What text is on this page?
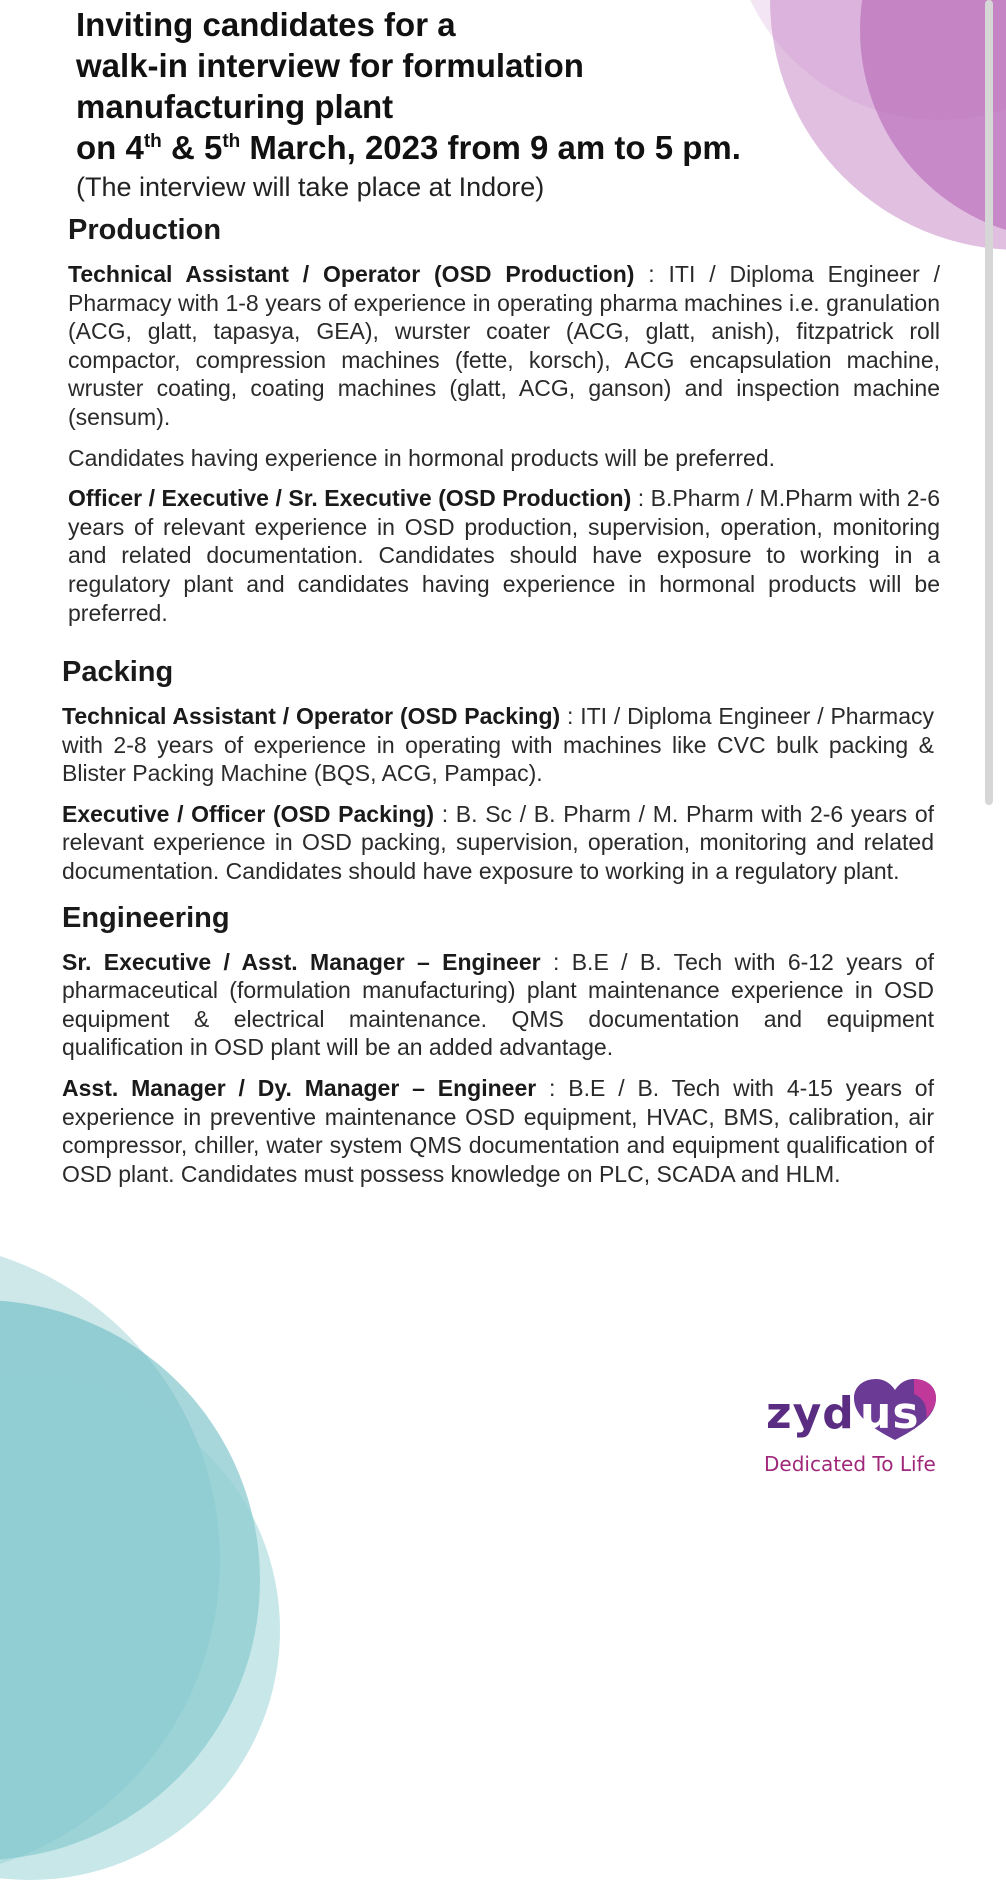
Inviting candidates for a
walk-in interview for formulation
manufacturing plant
on 4th & 5th March, 2023 from 9 am to 5 pm.
(The interview will take place at Indore)
Production

Technical Assistant / Operator (OSD Production) : ITI / Diploma Engineer / Pharmacy with 1-8 years of experience in operating pharma machines i.e. granulation (ACG, glatt, tapasya, GEA), wurster coater (ACG, glatt, anish), fitzpatrick roll compactor, compression machines (fette, korsch), ACG encapsulation machine, wruster coating, coating machines (glatt, ACG, ganson) and inspection machine (sensum).

Candidates having experience in hormonal products will be preferred.

Officer / Executive / Sr. Executive (OSD Production) : B.Pharm / M.Pharm with 2-6 years of relevant experience in OSD production, supervision, operation, monitoring and related documentation. Candidates should have exposure to working in a regulatory plant and candidates having experience in hormonal products will be preferred.

Packing

Technical Assistant / Operator (OSD Packing) : ITI / Diploma Engineer / Pharmacy with 2-8 years of experience in operating with machines like CVC bulk packing & Blister Packing Machine (BQS, ACG, Pampac).

Executive / Officer (OSD Packing) : B. Sc / B. Pharm / M. Pharm with 2-6 years of relevant experience in OSD packing, supervision, operation, monitoring and related documentation. Candidates should have exposure to working in a regulatory plant.

Engineering

Sr. Executive / Asst. Manager – Engineer : B.E / B. Tech with 6-12 years of pharmaceutical (formulation manufacturing) plant maintenance experience in OSD equipment & electrical maintenance. QMS documentation and equipment qualification in OSD plant will be an added advantage.

Asst. Manager / Dy. Manager – Engineer : B.E / B. Tech with 4-15 years of experience in preventive maintenance OSD equipment, HVAC, BMS, calibration, air compressor, chiller, water system QMS documentation and equipment qualification of OSD plant. Candidates must possess knowledge on PLC, SCADA and HLM.

zyd us
Dedicated To Life
